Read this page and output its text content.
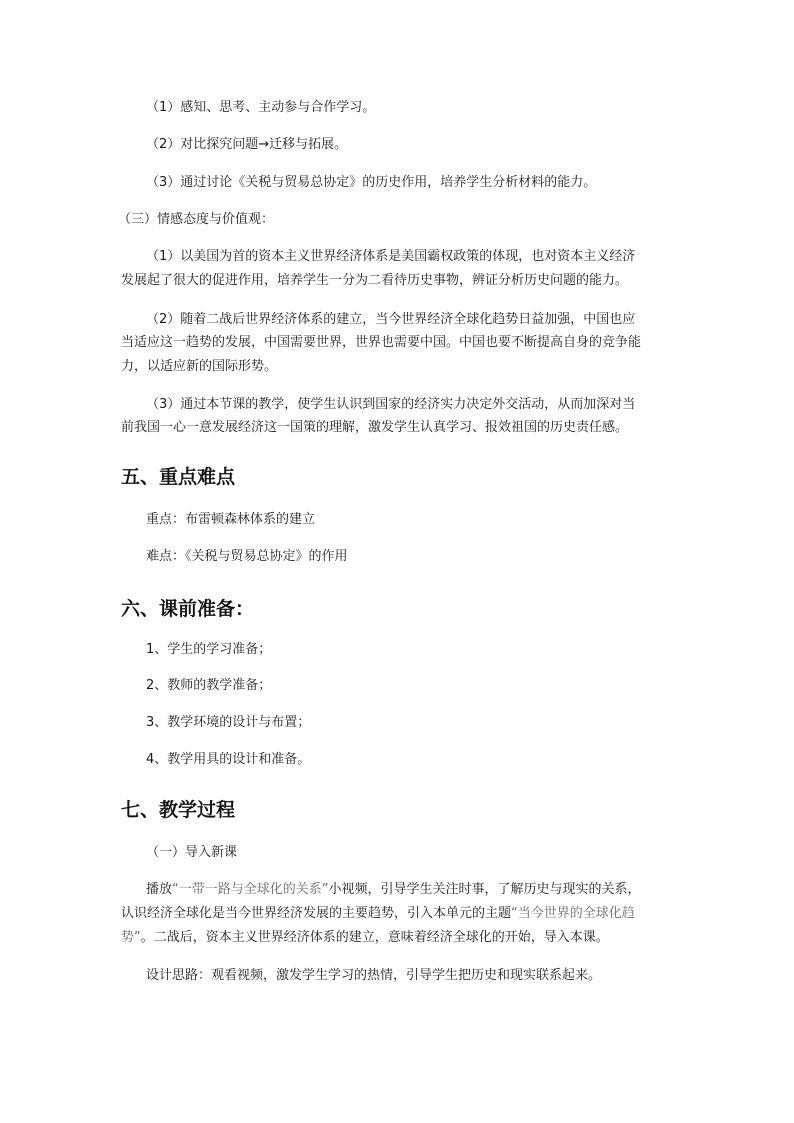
（1）感知、思考、主动参与合作学习。
（2）对比探究问题→迁移与拓展。
（3）通过讨论《关税与贸易总协定》的历史作用，培养学生分析材料的能力。
（三）情感态度与价值观：
（1）以美国为首的资本主义世界经济体系是美国霸权政策的体现，也对资本主义经济
发展起了很大的促进作用，培养学生一分为二看待历史事物，辨证分析历史问题的能力。
（2）随着二战后世界经济体系的建立，当今世界经济全球化趋势日益加强，中国也应
当适应这一趋势的发展，中国需要世界，世界也需要中国。中国也要不断提高自身的竞争能
力，以适应新的国际形势。
（3）通过本节课的教学，使学生认识到国家的经济实力决定外交活动，从而加深对当
前我国一心一意发展经济这一国策的理解，激发学生认真学习、报效祖国的历史责任感。
五、重点难点
重点：布雷顿森林体系的建立
难点：《关税与贸易总协定》的作用
六、课前准备：
1、学生的学习准备；
2、教师的教学准备；
3、教学环境的设计与布置；
4、教学用具的设计和准备。
七、教学过程
（一）导入新课
播放“一带一路与全球化的关系”小视频，引导学生关注时事，了解历史与现实的关系，
认识经济全球化是当今世界经济发展的主要趋势，引入本单元的主题“当今世界的全球化趋
势”。二战后，资本主义世界经济体系的建立，意味着经济全球化的开始，导入本课。
设计思路：观看视频，激发学生学习的热情，引导学生把历史和现实联系起来。
